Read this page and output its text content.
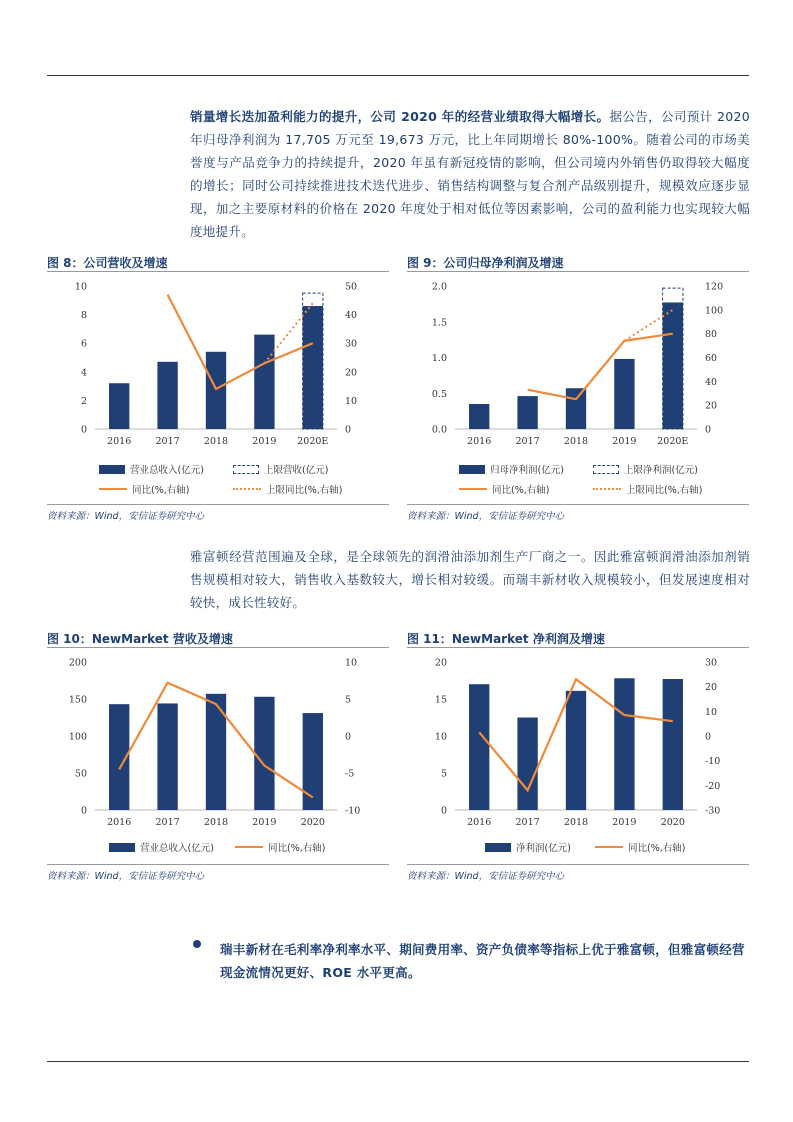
销量增长迭加盈利能力的提升，公司 2020 年的经营业绩取得大幅增长。据公告，公司预计 2020 年归母净利润为 17,705 万元至 19,673 万元，比上年同期增长 80%-100%。随着公司的市场美誉度与产品竞争力的持续提升，2020 年虽有新冠疫情的影响，但公司境内外销售仍取得较大幅度的增长；同时公司持续推进技术迭代进步、销售结构调整与复合剂产品级别提升，规模效应逐步显现，加之主要原材料的价格在 2020 年度处于相对低位等因素影响，公司的盈利能力也实现较大幅度地提升。
图 8：公司营收及增速
0
2
4
6
8
10
0
10
20
30
40
50
2016	2017	2018	2019 2020E
营业总收入(亿元)	上限营收(亿元)
同比(%,右轴)	上限同比(%,右轴)
资料来源：Wind，安信证券研究中心
图 9：公司归母净利润及增速
0.0
0.5
1.0
1.5
2.0
0
20
40
60
80
100
120
2016	2017	2018	2019 2020E
归母净利润(亿元)	上限净利润(亿元)
同比(%,右轴)	上限同比(%,右轴)
资料来源：Wind，安信证券研究中心
雅富顿经营范围遍及全球，是全球领先的润滑油添加剂生产厂商之一。因此雅富顿润滑油添加剂销售规模相对较大，销售收入基数较大，增长相对较缓。而瑞丰新材收入规模较小，但发展速度相对较快，成长性较好。
图 10：NewMarket 营收及增速
0
50
100
150
200
-10
-5
0
5
10
2016	2017	2018	2019	2020
营业总收入(亿元)	同比(%,右轴)
资料来源：Wind，安信证券研究中心
图 11：NewMarket 净利润及增速
0
5
10
15
20
-30
-20
-10
0
10
20
30
2016	2017	2018	2019	2020
净利润(亿元)	同比(%,右轴)
资料来源：Wind，安信证券研究中心
瑞丰新材在毛利率净利率水平、期间费用率、资产负债率等指标上优于雅富顿，但雅富顿经营现金流情况更好、ROE 水平更高。
